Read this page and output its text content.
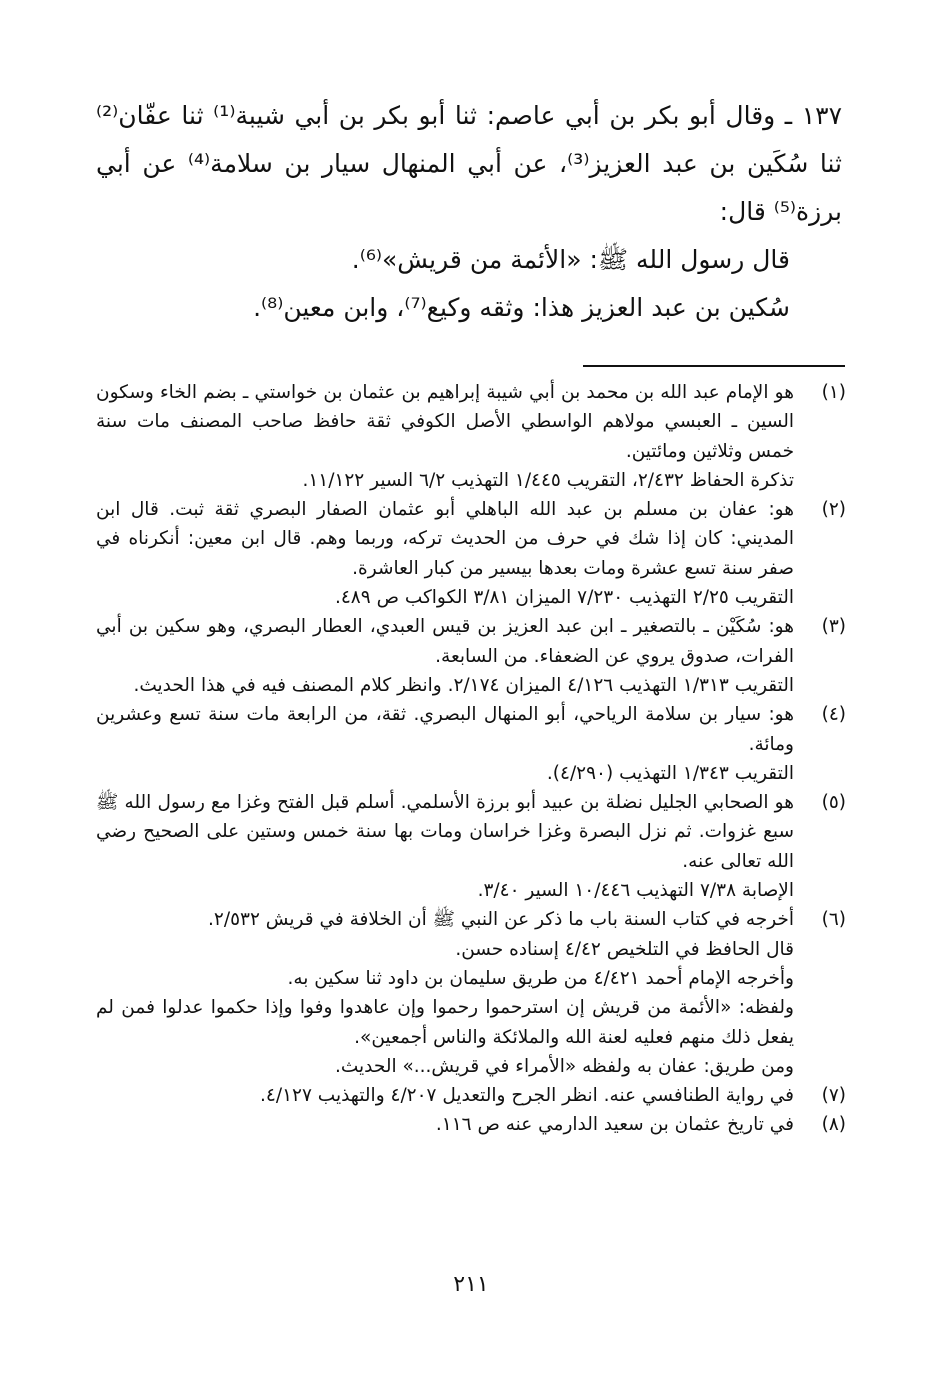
١٣٧ ـ وقال أبو بكر بن أبي عاصم: ثنا أبو بكر بن أبي شيبة⁽¹⁾ ثنا عفّان⁽²⁾ ثنا سُكَين بن عبد العزيز⁽³⁾، عن أبي المنهال سيار بن سلامة⁽⁴⁾ عن أبي برزة⁽⁵⁾ قال:

قال رسول الله ﷺ: «الأئمة من قريش»⁽⁶⁾.

سُكين بن عبد العزيز هذا: وثقه وكيع⁽⁷⁾، وابن معين⁽⁸⁾.

(١)
هو الإمام عبد الله بن محمد بن أبي شيبة إبراهيم بن عثمان بن خواستي ـ بضم الخاء وسكون السين ـ العبسي مولاهم الواسطي الأصل الكوفي ثقة حافظ صاحب المصنف مات سنة خمس وثلاثين ومائتين.
تذكرة الحفاظ ٢/٤٣٢، التقريب ١/٤٤٥ التهذيب ٦/٢ السير ١١/١٢٢.
(٢)
هو: عفان بن مسلم بن عبد الله الباهلي أبو عثمان الصفار البصري ثقة ثبت. قال ابن المديني: كان إذا شك في حرف من الحديث تركه، وربما وهم. قال ابن معين: أنكرناه في صفر سنة تسع عشرة ومات بعدها بيسير من كبار العاشرة.
التقريب ٢/٢٥ التهذيب ٧/٢٣٠ الميزان ٣/٨١ الكواكب ص ٤٨٩.
(٣)
هو: سُكَيْن ـ بالتصغير ـ ابن عبد العزيز بن قيس العبدي، العطار البصري، وهو سكين بن أبي الفرات، صدوق يروي عن الضعفاء. من السابعة.
التقريب ١/٣١٣ التهذيب ٤/١٢٦ الميزان ٢/١٧٤. وانظر كلام المصنف فيه في هذا الحديث.
(٤)
هو: سيار بن سلامة الرياحي، أبو المنهال البصري. ثقة، من الرابعة مات سنة تسع وعشرين ومائة.
التقريب ١/٣٤٣ التهذيب (٤/٢٩٠).
(٥)
هو الصحابي الجليل نضلة بن عبيد أبو برزة الأسلمي. أسلم قبل الفتح وغزا مع رسول الله ﷺ سبع غزوات. ثم نزل البصرة وغزا خراسان ومات بها سنة خمس وستين على الصحيح رضي الله تعالى عنه.
الإصابة ٧/٣٨ التهذيب ١٠/٤٤٦ السير ٣/٤٠.
(٦)
أخرجه في كتاب السنة باب ما ذكر عن النبي ﷺ أن الخلافة في قريش ٢/٥٣٢.
قال الحافظ في التلخيص ٤/٤٢ إسناده حسن.
وأخرجه الإمام أحمد ٤/٤٢١ من طريق سليمان بن داود ثنا سكين به.
ولفظه: «الأئمة من قريش إن استرحموا رحموا وإن عاهدوا وفوا وإذا حكموا عدلوا فمن لم يفعل ذلك منهم فعليه لعنة الله والملائكة والناس أجمعين».
ومن طريق: عفان به ولفظه «الأمراء في قريش...» الحديث.
(٧)
في رواية الطنافسي عنه. انظر الجرح والتعديل ٤/٢٠٧ والتهذيب ٤/١٢٧.
(٨)
في تاريخ عثمان بن سعيد الدارمي عنه ص ١١٦.
٢١١
